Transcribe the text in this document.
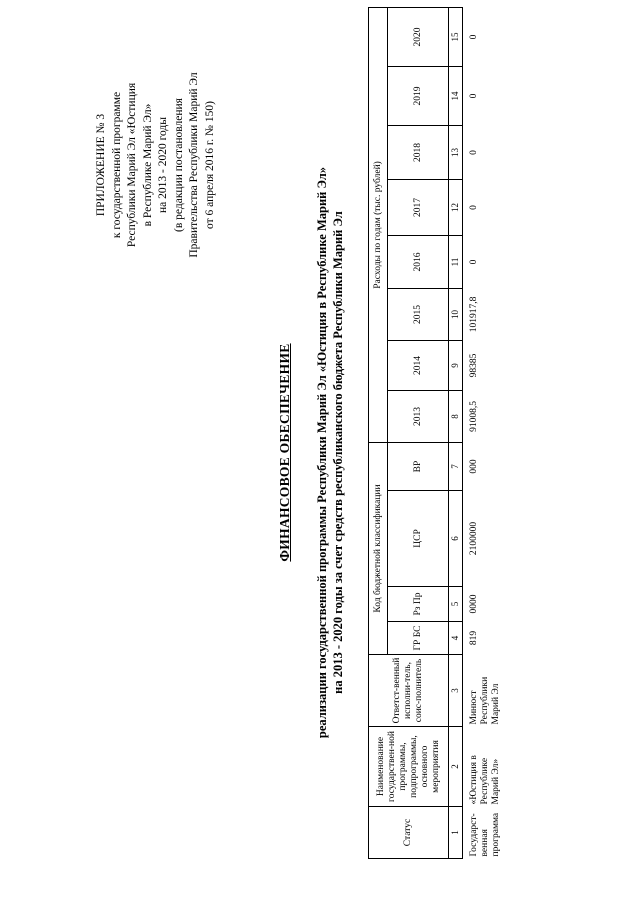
ПРИЛОЖЕНИЕ № 3 к государственной программе Республики Марий Эл «Юстиция в Республике Марий Эл» на 2013 - 2020 годы (в редакции постановления Правительства Республики Марий Эл от 6 апреля 2016 г. № 150)
ФИНАНСОВОЕ ОБЕСПЕЧЕНИЕ реализации государственной программы Республики Марий Эл «Юстиция в Республике Марий Эл» на 2013 - 2020 годы за счет средств республиканского бюджета Республики Марий Эл
Статус	Наименование государствен-ной программы, подпрограммы, основного мероприятия	Ответст-венный исполни-тель, соис-полнитель	Код бюджетной классификации				Расходы по годам (тыс. рублей)							
			ГР БС	Рз Пр	ЦСР	ВР	2013	2014	2015	2016	2017	2018	2019	2020
1	2	3	4	5	6	7	8	9	10	11	12	13	14	15
Государст-венная программа	«Юстиция в Республике Марий Эл»	Минюст Республики Марий Эл	819	0000	2100000	000	91008,5	98385	101917,8	0	0	0	0	0
